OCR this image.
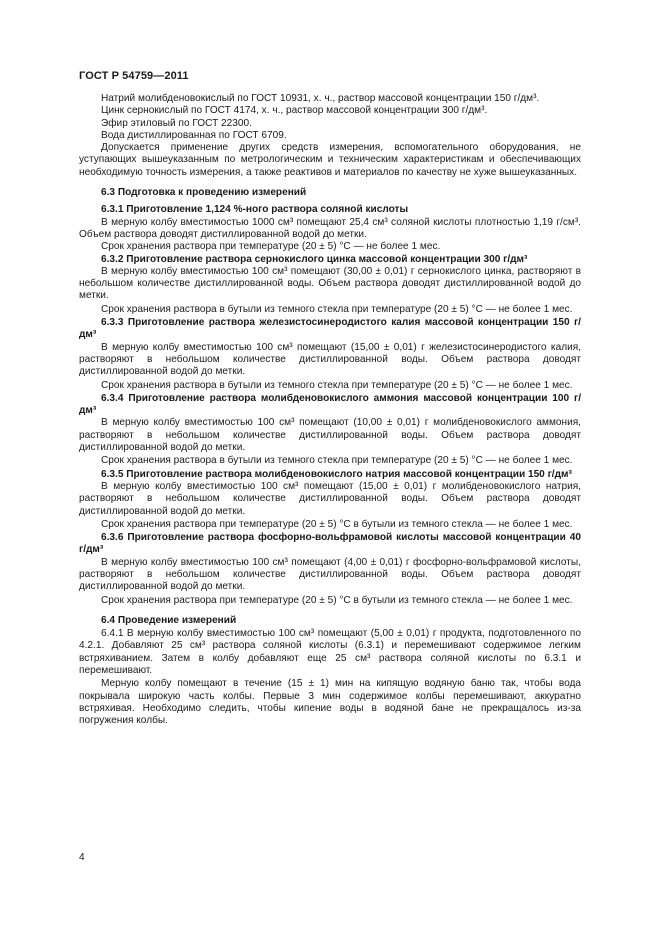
ГОСТ Р 54759—2011

Натрий молибденовокислый по ГОСТ 10931, х. ч., раствор массовой концентрации 150 г/дм³.

Цинк сернокислый по ГОСТ 4174, х. ч., раствор массовой концентрации 300 г/дм³.

Эфир этиловый по ГОСТ 22300.

Вода дистиллированная по ГОСТ 6709.

Допускается применение других средств измерения, вспомогательного оборудования, не уступающих вышеуказанным по метрологическим и техническим характеристикам и обеспечивающих необходимую точность измерения, а также реактивов и материалов по качеству не хуже вышеуказанных.

6.3 Подготовка к проведению измерений

6.3.1 Приготовление 1,124 %-ного раствора соляной кислоты

В мерную колбу вместимостью 1000 см³ помещают 25,4 см³ соляной кислоты плотностью 1,19 г/см³. Объем раствора доводят дистиллированной водой до метки.

Срок хранения раствора при температуре (20 ± 5) °С — не более 1 мес.

6.3.2 Приготовление раствора сернокислого цинка массовой концентрации 300 г/дм³

В мерную колбу вместимостью 100 см³ помещают (30,00 ± 0,01) г сернокислого цинка, растворяют в небольшом количестве дистиллированной воды. Объем раствора доводят дистиллированной водой до метки.

Срок хранения раствора в бутыли из темного стекла при температуре (20 ± 5) °С — не более 1 мес.

6.3.3 Приготовление раствора железистосинеродистого калия массовой концентрации 150 г/дм³

В мерную колбу вместимостью 100 см³ помещают (15,00 ± 0,01) г железистосинеродистого калия, растворяют в небольшом количестве дистиллированной воды. Объем раствора доводят дистиллированной водой до метки.

Срок хранения раствора в бутыли из темного стекла при температуре (20 ± 5) °С — не более 1 мес.

6.3.4 Приготовление раствора молибденовокислого аммония массовой концентрации 100 г/дм³

В мерную колбу вместимостью 100 см³ помещают (10,00 ± 0,01) г молибденовокислого аммония, растворяют в небольшом количестве дистиллированной воды. Объем раствора доводят дистиллированной водой до метки.

Срок хранения раствора в бутыли из темного стекла при температуре (20 ± 5) °С — не более 1 мес.

6.3.5 Приготовление раствора молибденовокислого натрия массовой концентрации 150 г/дм³

В мерную колбу вместимостью 100 см³ помещают (15,00 ± 0,01) г молибденовокислого натрия, растворяют в небольшом количестве дистиллированной воды. Объем раствора доводят дистиллированной водой до метки.

Срок хранения раствора при температуре (20 ± 5) °С в бутыли из темного стекла — не более 1 мес.

6.3.6 Приготовление раствора фосфорно-вольфрамовой кислоты массовой концентрации 40 г/дм³

В мерную колбу вместимостью 100 см³ помещают (4,00 ± 0,01) г фосфорно-вольфрамовой кислоты, растворяют в небольшом количестве дистиллированной воды. Объем раствора доводят дистиллированной водой до метки.

Срок хранения раствора при температуре (20 ± 5) °С в бутыли из темного стекла — не более 1 мес.

6.4 Проведение измерений

6.4.1 В мерную колбу вместимостью 100 см³ помещают (5,00 ± 0,01) г продукта, подготовленного по 4.2.1. Добавляют 25 см³ раствора соляной кислоты (6.3.1) и перемешивают содержимое легким встряхиванием. Затем в колбу добавляют еще 25 см³ раствора соляной кислоты по 6.3.1 и перемешивают.

Мерную колбу помещают в течение (15 ± 1) мин на кипящую водяную баню так, чтобы вода покрывала широкую часть колбы. Первые 3 мин содержимое колбы перемешивают, аккуратно встряхивая. Необходимо следить, чтобы кипение воды в водяной бане не прекращалось из-за погружения колбы.

4
